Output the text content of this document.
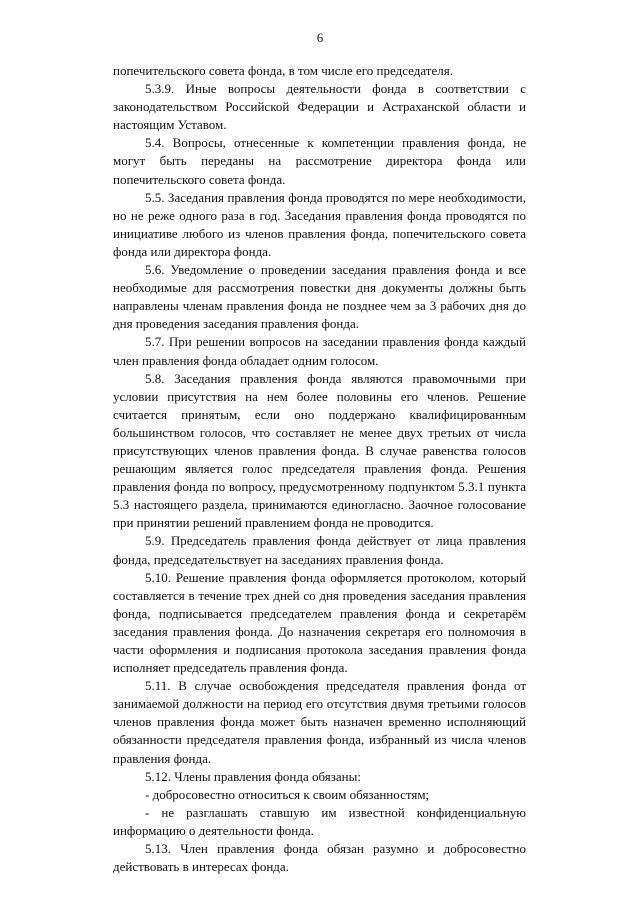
6

попечительского совета фонда, в том числе его председателя.

5.3.9. Иные вопросы деятельности фонда в соответствии с законодательством Российской Федерации и Астраханской области и настоящим Уставом.

5.4. Вопросы, отнесенные к компетенции правления фонда, не могут быть переданы на рассмотрение директора фонда или попечительского совета фонда.

5.5. Заседания правления фонда проводятся по мере необходимости, но не реже одного раза в год. Заседания правления фонда проводятся по инициативе любого из членов правления фонда, попечительского совета фонда или директора фонда.

5.6. Уведомление о проведении заседания правления фонда и все необходимые для рассмотрения повестки дня документы должны быть направлены членам правления фонда не позднее чем за 3 рабочих дня до дня проведения заседания правления фонда.

5.7. При решении вопросов на заседании правления фонда каждый член правления фонда обладает одним голосом.

5.8. Заседания правления фонда являются правомочными при условии присутствия на нем более половины его членов. Решение считается принятым, если оно поддержано квалифицированным большинством голосов, что составляет не менее двух третьих от числа присутствующих членов правления фонда. В случае равенства голосов решающим является голос председателя правления фонда. Решения правления фонда по вопросу, предусмотренному подпунктом 5.3.1 пункта 5.3 настоящего раздела, принимаются единогласно. Заочное голосование при принятии решений правлением фонда не проводится.

5.9. Председатель правления фонда действует от лица правления фонда, председательствует на заседаниях правления фонда.

5.10. Решение правления фонда оформляется протоколом, который составляется в течение трех дней со дня проведения заседания правления фонда, подписывается председателем правления фонда и секретарём заседания правления фонда. До назначения секретаря его полномочия в части оформления и подписания протокола заседания правления фонда исполняет председатель правления фонда.

5.11. В случае освобождения председателя правления фонда от занимаемой должности на период его отсутствия двумя третьими голосов членов правления фонда может быть назначен временно исполняющий обязанности председателя правления фонда, избранный из числа членов правления фонда.

5.12. Члены правления фонда обязаны:

- добросовестно относиться к своим обязанностям;

- не разглашать ставшую им известной конфиденциальную информацию о деятельности фонда.

5.13. Член правления фонда обязан разумно и добросовестно действовать в интересах фонда.
